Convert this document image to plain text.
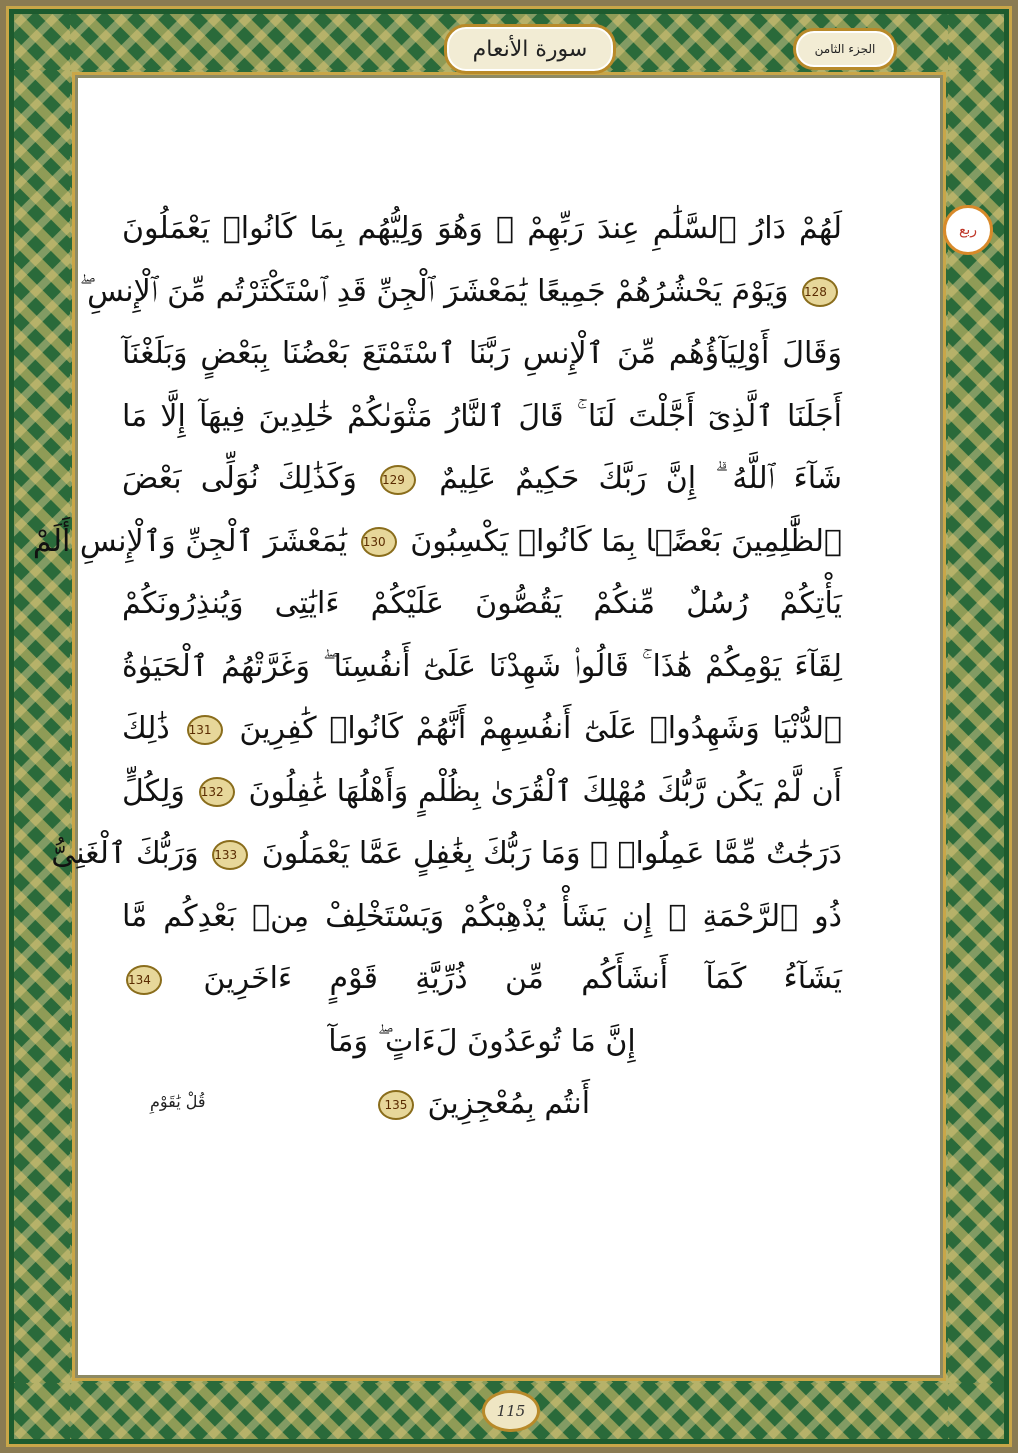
الجزء الثامن
سورة الأنعام
ربع
لَهُمْ دَارُ ٱلسَّلَٰمِ عِندَ رَبِّهِمْ ۖ وَهُوَ وَلِيُّهُم بِمَا كَانُوا۟ يَعْمَلُونَ
128 وَيَوْمَ يَحْشُرُهُمْ جَمِيعًا يَٰمَعْشَرَ ٱلْجِنِّ قَدِ ٱسْتَكْثَرْتُم مِّنَ ٱلْإِنسِ ۖ
وَقَالَ أَوْلِيَآؤُهُم مِّنَ ٱلْإِنسِ رَبَّنَا ٱسْتَمْتَعَ بَعْضُنَا بِبَعْضٍ وَبَلَغْنَآ
أَجَلَنَا ٱلَّذِىٓ أَجَّلْتَ لَنَا ۚ قَالَ ٱلنَّارُ مَثْوَىٰكُمْ خَٰلِدِينَ فِيهَآ إِلَّا مَا
شَآءَ ٱللَّهُ ۗ إِنَّ رَبَّكَ حَكِيمٌ عَلِيمٌ 129 وَكَذَٰلِكَ نُوَلِّى بَعْضَ
ٱلظَّٰلِمِينَ بَعْضًۢا بِمَا كَانُوا۟ يَكْسِبُونَ 130 يَٰمَعْشَرَ ٱلْجِنِّ وَٱلْإِنسِ أَلَمْ
يَأْتِكُمْ رُسُلٌ مِّنكُمْ يَقُصُّونَ عَلَيْكُمْ ءَايَٰتِى وَيُنذِرُونَكُمْ
لِقَآءَ يَوْمِكُمْ هَٰذَا ۚ قَالُوا۟ شَهِدْنَا عَلَىٰٓ أَنفُسِنَا ۖ وَغَرَّتْهُمُ ٱلْحَيَوٰةُ
ٱلدُّنْيَا وَشَهِدُوا۟ عَلَىٰٓ أَنفُسِهِمْ أَنَّهُمْ كَانُوا۟ كَٰفِرِينَ 131 ذَٰلِكَ
أَن لَّمْ يَكُن رَّبُّكَ مُهْلِكَ ٱلْقُرَىٰ بِظُلْمٍ وَأَهْلُهَا غَٰفِلُونَ 132 وَلِكُلٍّ
دَرَجَٰتٌ مِّمَّا عَمِلُوا۟ ۚ وَمَا رَبُّكَ بِغَٰفِلٍ عَمَّا يَعْمَلُونَ 133 وَرَبُّكَ ٱلْغَنِىُّ
ذُو ٱلرَّحْمَةِ ۚ إِن يَشَأْ يُذْهِبْكُمْ وَيَسْتَخْلِفْ مِنۢ بَعْدِكُم مَّا
يَشَآءُ كَمَآ أَنشَأَكُم مِّن ذُرِّيَّةِ قَوْمٍ ءَاخَرِينَ 134
إِنَّ مَا تُوعَدُونَ لَءَاتٍ ۖ وَمَآ
أَنتُم بِمُعْجِزِينَ 135
قُلْ يَٰقَوْمِ
115
